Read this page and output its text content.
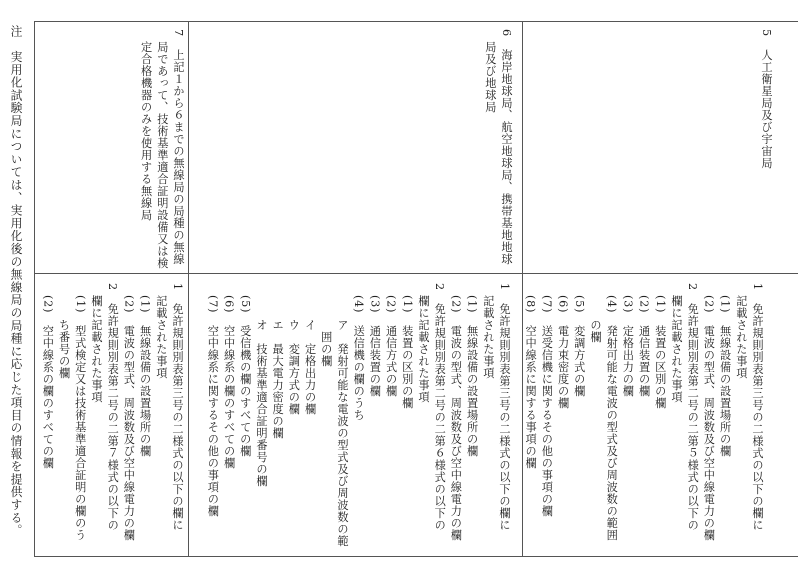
5　人工衛星局及び宇宙局
1　免許規則別表第三号の二様式の以下の欄に
記載された事項
(1)　無線設備の設置場所の欄
(2)　電波の型式、周波数及び空中線電力の欄
2　免許規則別表第二号の二第５様式の以下の
欄に記載された事項
(1)　装置の区別の欄
(2)　通信装置の欄
(3)　定格出力の欄
(4)　発射可能な電波の型式及び周波数の範囲
の欄
(5)　変調方式の欄
(6)　電力束密度の欄
(7)　送受信機に関するその他の事項の欄
(8)　空中線系に関する事項の欄
6　海岸地球局、航空地球局、携帯基地地球
局及び地球局
1　免許規則別表第三号の二様式の以下の欄に
記載された事項
(1)　無線設備の設置場所の欄
(2)　電波の型式、周波数及び空中線電力の欄
2　免許規則別表第二号の二第６様式の以下の
欄に記載された事項
(1)　装置の区別の欄
(2)　通信方式の欄
(3)　通信装置の欄
(4)　送信機の欄のうち
ア　発射可能な電波の型式及び周波数の範
囲の欄
イ　定格出力の欄
ウ　変調方式の欄
エ　最大電力密度の欄
オ　技術基準適合証明番号の欄
(5)　受信機の欄のすべての欄
(6)　空中線系の欄のすべての欄
(7)　空中線系に関するその他の事項の欄
7　上記１から６までの無線局の局種の無線
局であって、技術基準適合証明設備又は検
定合格機器のみを使用する無線局
1　免許規則別表第三号の二様式の以下の欄に
記載された事項
(1)　無線設備の設置場所の欄
(2)　電波の型式、周波数及び空中線電力の欄
2　免許規則別表第二号の二第７様式の以下の
欄に記載された事項
(1)　型式検定又は技術基準適合証明の欄のう
ち番号の欄
(2)　空中線系の欄のすべての欄
注　実用化試験局については、実用化後の無線局の局種に応じた項目の情報を提供する。
